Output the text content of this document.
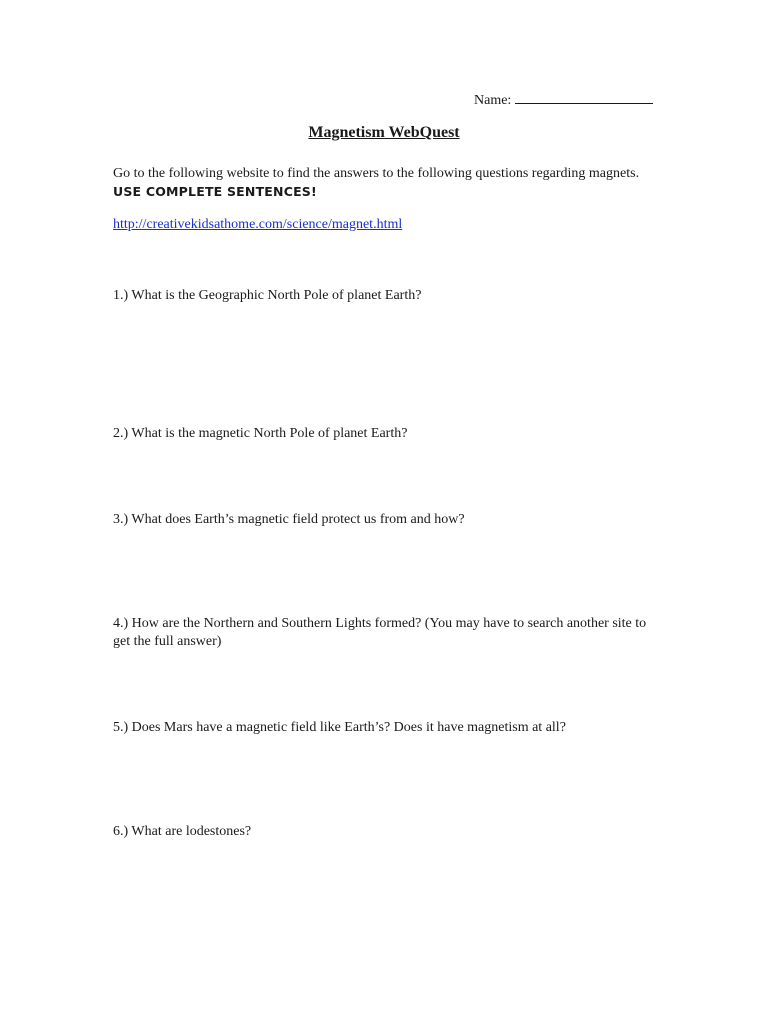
Name:
Magnetism WebQuest
Go to the following website to find the answers to the following questions regarding magnets. USE COMPLETE SENTENCES!
http://creativekidsathome.com/science/magnet.html
1.) What is the Geographic North Pole of planet Earth?
2.) What is the magnetic North Pole of planet Earth?
3.) What does Earth’s magnetic field protect us from and how?
4.) How are the Northern and Southern Lights formed? (You may have to search another site to get the full answer)
5.) Does Mars have a magnetic field like Earth’s? Does it have magnetism at all?
6.) What are lodestones?
